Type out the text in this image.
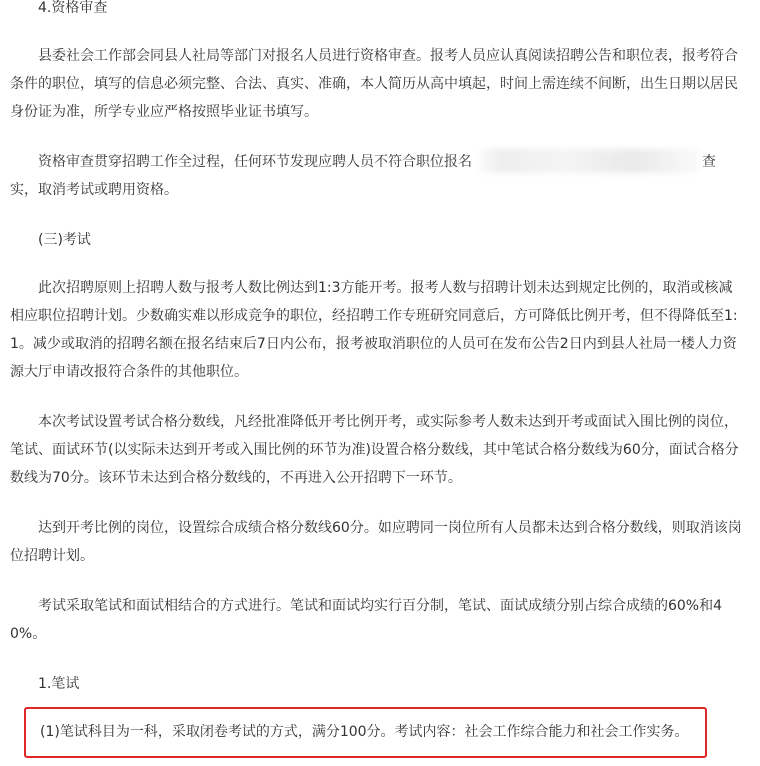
4.资格审查

县委社会工作部会同县人社局等部门对报名人员进行资格审查。报考人员应认真阅读招聘公告和职位表，报考符合条件的职位，填写的信息必须完整、合法、真实、准确，本人简历从高中填起，时间上需连续不间断，出生日期以居民身份证为准，所学专业应严格按照毕业证书填写。

资格审查贯穿招聘工作全过程，任何环节发现应聘人员不符合职位报名	查

实，取消考试或聘用资格。

(三)考试

此次招聘原则上招聘人数与报考人数比例达到1:3方能开考。报考人数与招聘计划未达到规定比例的，取消或核减相应职位招聘计划。少数确实难以形成竞争的职位，经招聘工作专班研究同意后，方可降低比例开考，但不得降低至1:1。减少或取消的招聘名额在报名结束后7日内公布，报考被取消职位的人员可在发布公告2日内到县人社局一楼人力资源大厅申请改报符合条件的其他职位。

本次考试设置考试合格分数线，凡经批准降低开考比例开考，或实际参考人数未达到开考或面试入围比例的岗位，笔试、面试环节(以实际未达到开考或入围比例的环节为准)设置合格分数线，其中笔试合格分数线为60分，面试合格分数线为70分。该环节未达到合格分数线的，不再进入公开招聘下一环节。

达到开考比例的岗位，设置综合成绩合格分数线60分。如应聘同一岗位所有人员都未达到合格分数线，则取消该岗位招聘计划。

考试采取笔试和面试相结合的方式进行。笔试和面试均实行百分制，笔试、面试成绩分别占综合成绩的60%和40%。

1.笔试

(1)笔试科目为一科，采取闭卷考试的方式，满分100分。考试内容：社会工作综合能力和社会工作实务。
